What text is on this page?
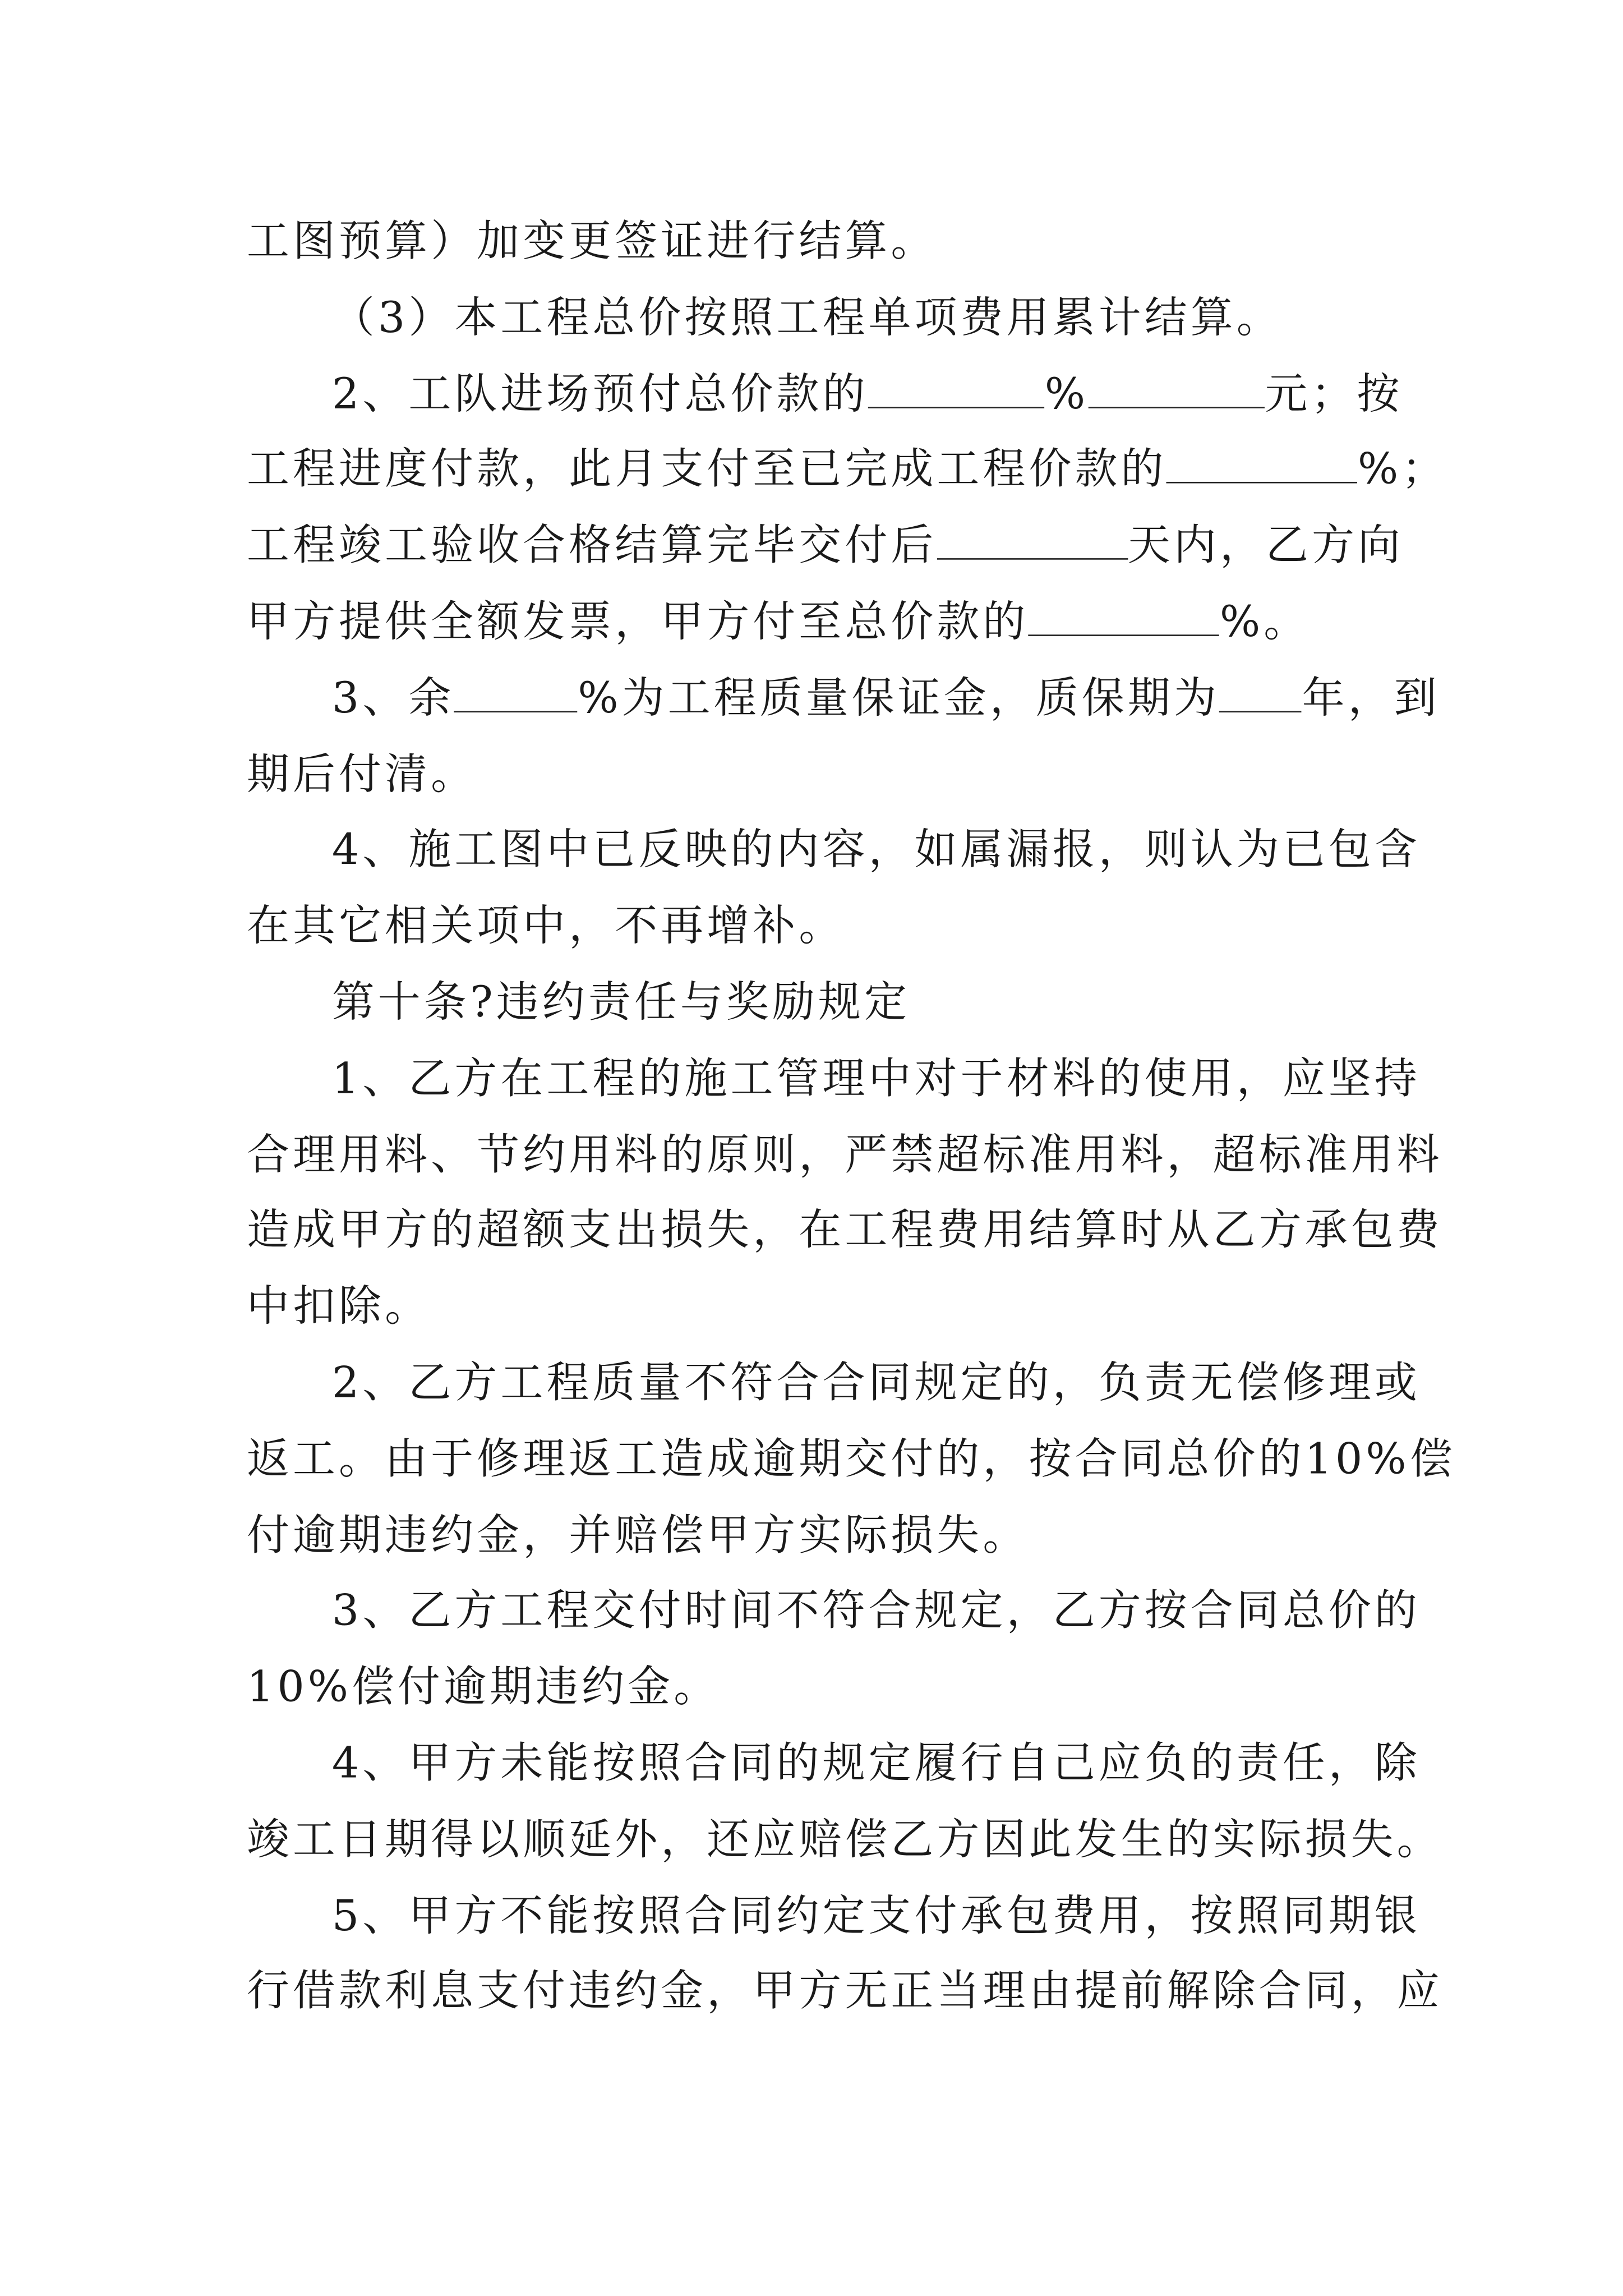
工图预算）加变更签证进行结算。
（3）本工程总价按照工程单项费用累计结算。
2、工队进场预付总价款的	%	元；按
工程进度付款，此月支付至已完成工程价款的	%；
工程竣工验收合格结算完毕交付后	天内，乙方向
甲方提供全额发票，甲方付至总价款的	%。
3、余	%为工程质量保证金，质保期为	年，到
期后付清。
4、施工图中已反映的内容，如属漏报，则认为已包含
在其它相关项中，不再增补。
第十条?违约责任与奖励规定
1、乙方在工程的施工管理中对于材料的使用，应坚持
合理用料、节约用料的原则，严禁超标准用料，超标准用料
造成甲方的超额支出损失，在工程费用结算时从乙方承包费
中扣除。
2、乙方工程质量不符合合同规定的，负责无偿修理或
返工。由于修理返工造成逾期交付的，按合同总价的10%偿
付逾期违约金，并赔偿甲方实际损失。
3、乙方工程交付时间不符合规定，乙方按合同总价的
10%偿付逾期违约金。
4、甲方未能按照合同的规定履行自己应负的责任，除
竣工日期得以顺延外，还应赔偿乙方因此发生的实际损失。
5、甲方不能按照合同约定支付承包费用，按照同期银
行借款利息支付违约金，甲方无正当理由提前解除合同，应
